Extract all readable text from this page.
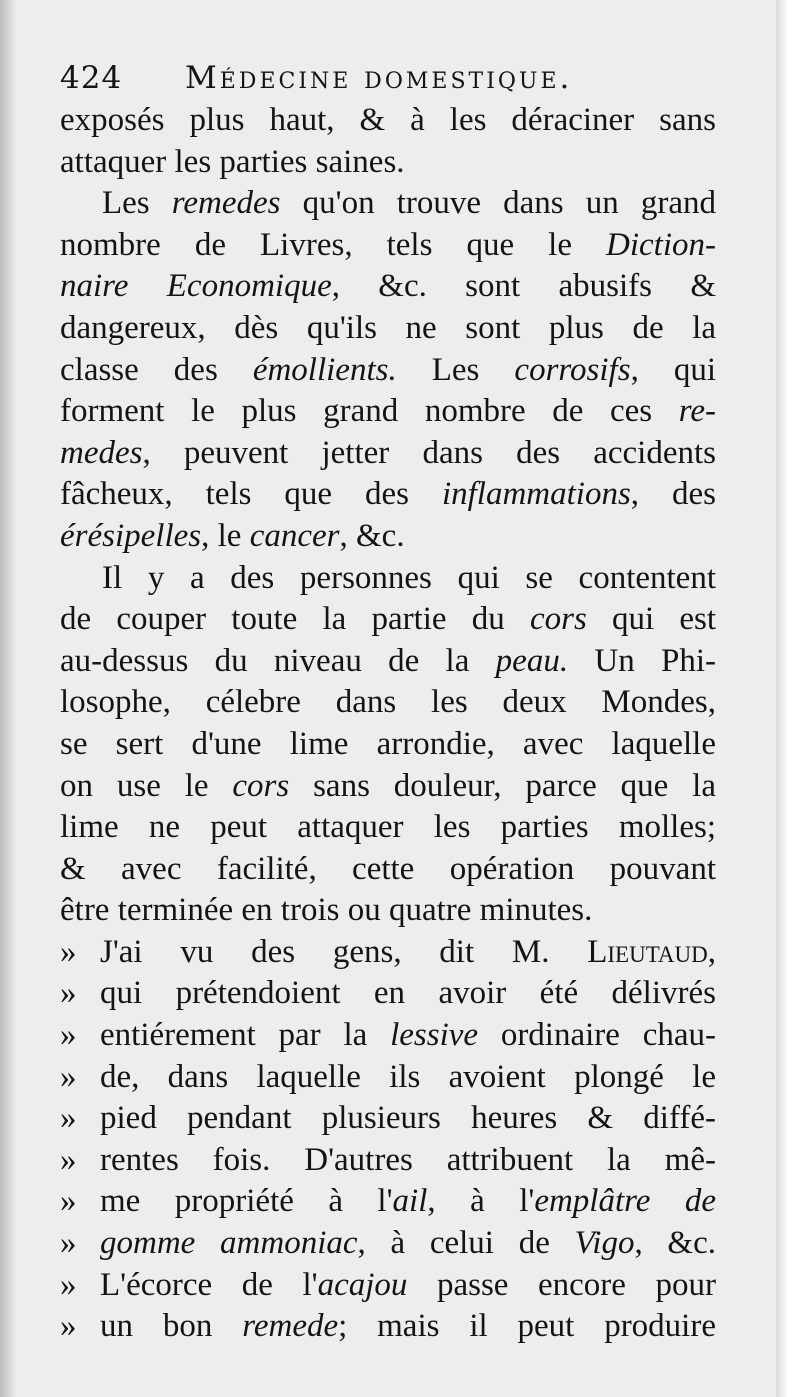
424 Médecine domestique.
exposés plus haut, & à les déraciner sans
attaquer les parties saines.
Les remedes qu'on trouve dans un grand
nombre de Livres, tels que le Diction-
naire Economique, &c. sont abusifs &
dangereux, dès qu'ils ne sont plus de la
classe des émollients. Les corrosifs, qui
forment le plus grand nombre de ces re-
medes, peuvent jetter dans des accidents
fâcheux, tels que des inflammations, des
érésipelles, le cancer, &c.
Il y a des personnes qui se contentent
de couper toute la partie du cors qui est
au-dessus du niveau de la peau. Un Phi-
losophe, célebre dans les deux Mondes,
se sert d'une lime arrondie, avec laquelle
on use le cors sans douleur, parce que la
lime ne peut attaquer les parties molles;
& avec facilité, cette opération pouvant
être terminée en trois ou quatre minutes.
» J'ai vu des gens, dit M. Lieutaud,
» qui prétendoient en avoir été délivrés
» entiérement par la lessive ordinaire chau-
» de, dans laquelle ils avoient plongé le
» pied pendant plusieurs heures & diffé-
» rentes fois. D'autres attribuent la mê-
» me propriété à l'ail, à l'emplâtre de
» gomme ammoniac, à celui de Vigo, &c.
» L'écorce de l'acajou passe encore pour
» un bon remede; mais il peut produire
